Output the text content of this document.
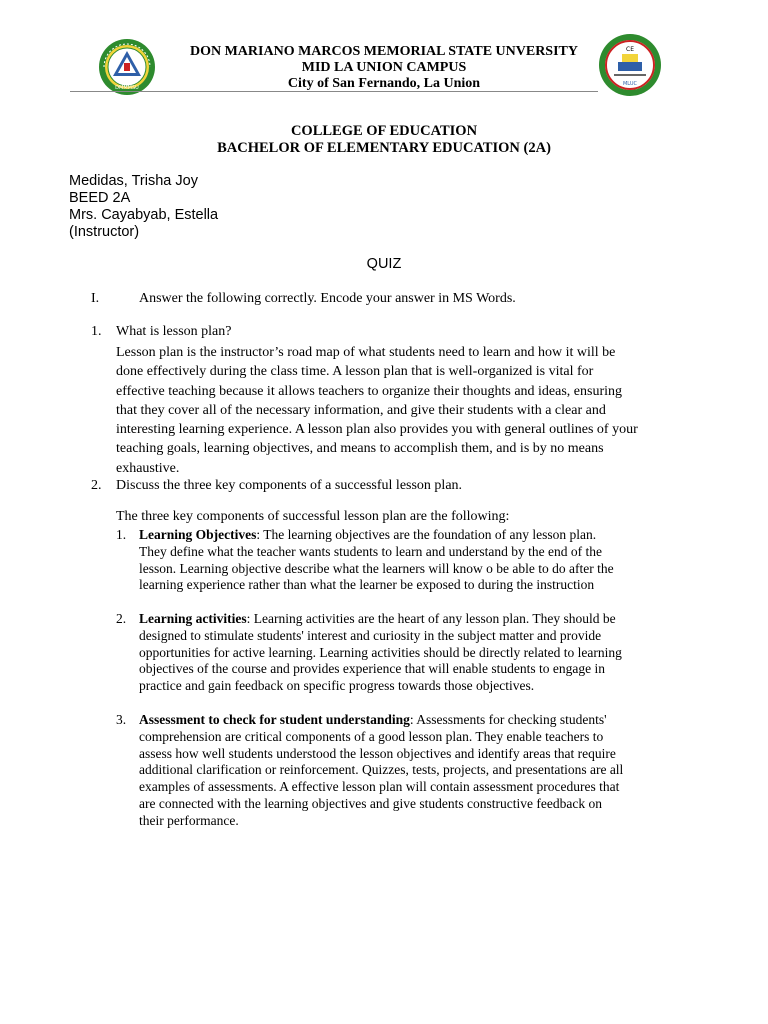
DMMMSU
DON MARIANO MARCOS MEMORIAL STATE UNVERSITY
MID LA UNION CAMPUS
City of San Fernando, La Union
CE
MLUC
COLLEGE OF EDUCATION
BACHELOR OF ELEMENTARY EDUCATION (2A)
Medidas, Trisha Joy
BEED 2A
Mrs. Cayabyab, Estella
(Instructor)
QUIZ
I.	Answer the following correctly. Encode your answer in MS Words.
1. What is lesson plan?
Lesson plan is the instructor’s road map of what students need to learn and how it will be
done effectively during the class time. A lesson plan that is well-organized is vital for
effective teaching because it allows teachers to organize their thoughts and ideas, ensuring
that they cover all of the necessary information, and give their students with a clear and
interesting learning experience. A lesson plan also provides you with general outlines of your
teaching goals, learning objectives, and means to accomplish them, and is by no means
exhaustive.
2. Discuss the three key components of a successful lesson plan.
The three key components of successful lesson plan are the following:
1. Learning Objectives: The learning objectives are the foundation of any lesson plan.
They define what the teacher wants students to learn and understand by the end of the
lesson. Learning objective describe what the learners will know o be able to do after the
learning experience rather than what the learner be exposed to during the instruction
2. Learning activities: Learning activities are the heart of any lesson plan. They should be
designed to stimulate students' interest and curiosity in the subject matter and provide
opportunities for active learning. Learning activities should be directly related to learning
objectives of the course and provides experience that will enable students to engage in
practice and gain feedback on specific progress towards those objectives.
3. Assessment to check for student understanding: Assessments for checking students'
comprehension are critical components of a good lesson plan. They enable teachers to
assess how well students understood the lesson objectives and identify areas that require
additional clarification or reinforcement. Quizzes, tests, projects, and presentations are all
examples of assessments. A effective lesson plan will contain assessment procedures that
are connected with the learning objectives and give students constructive feedback on
their performance.
